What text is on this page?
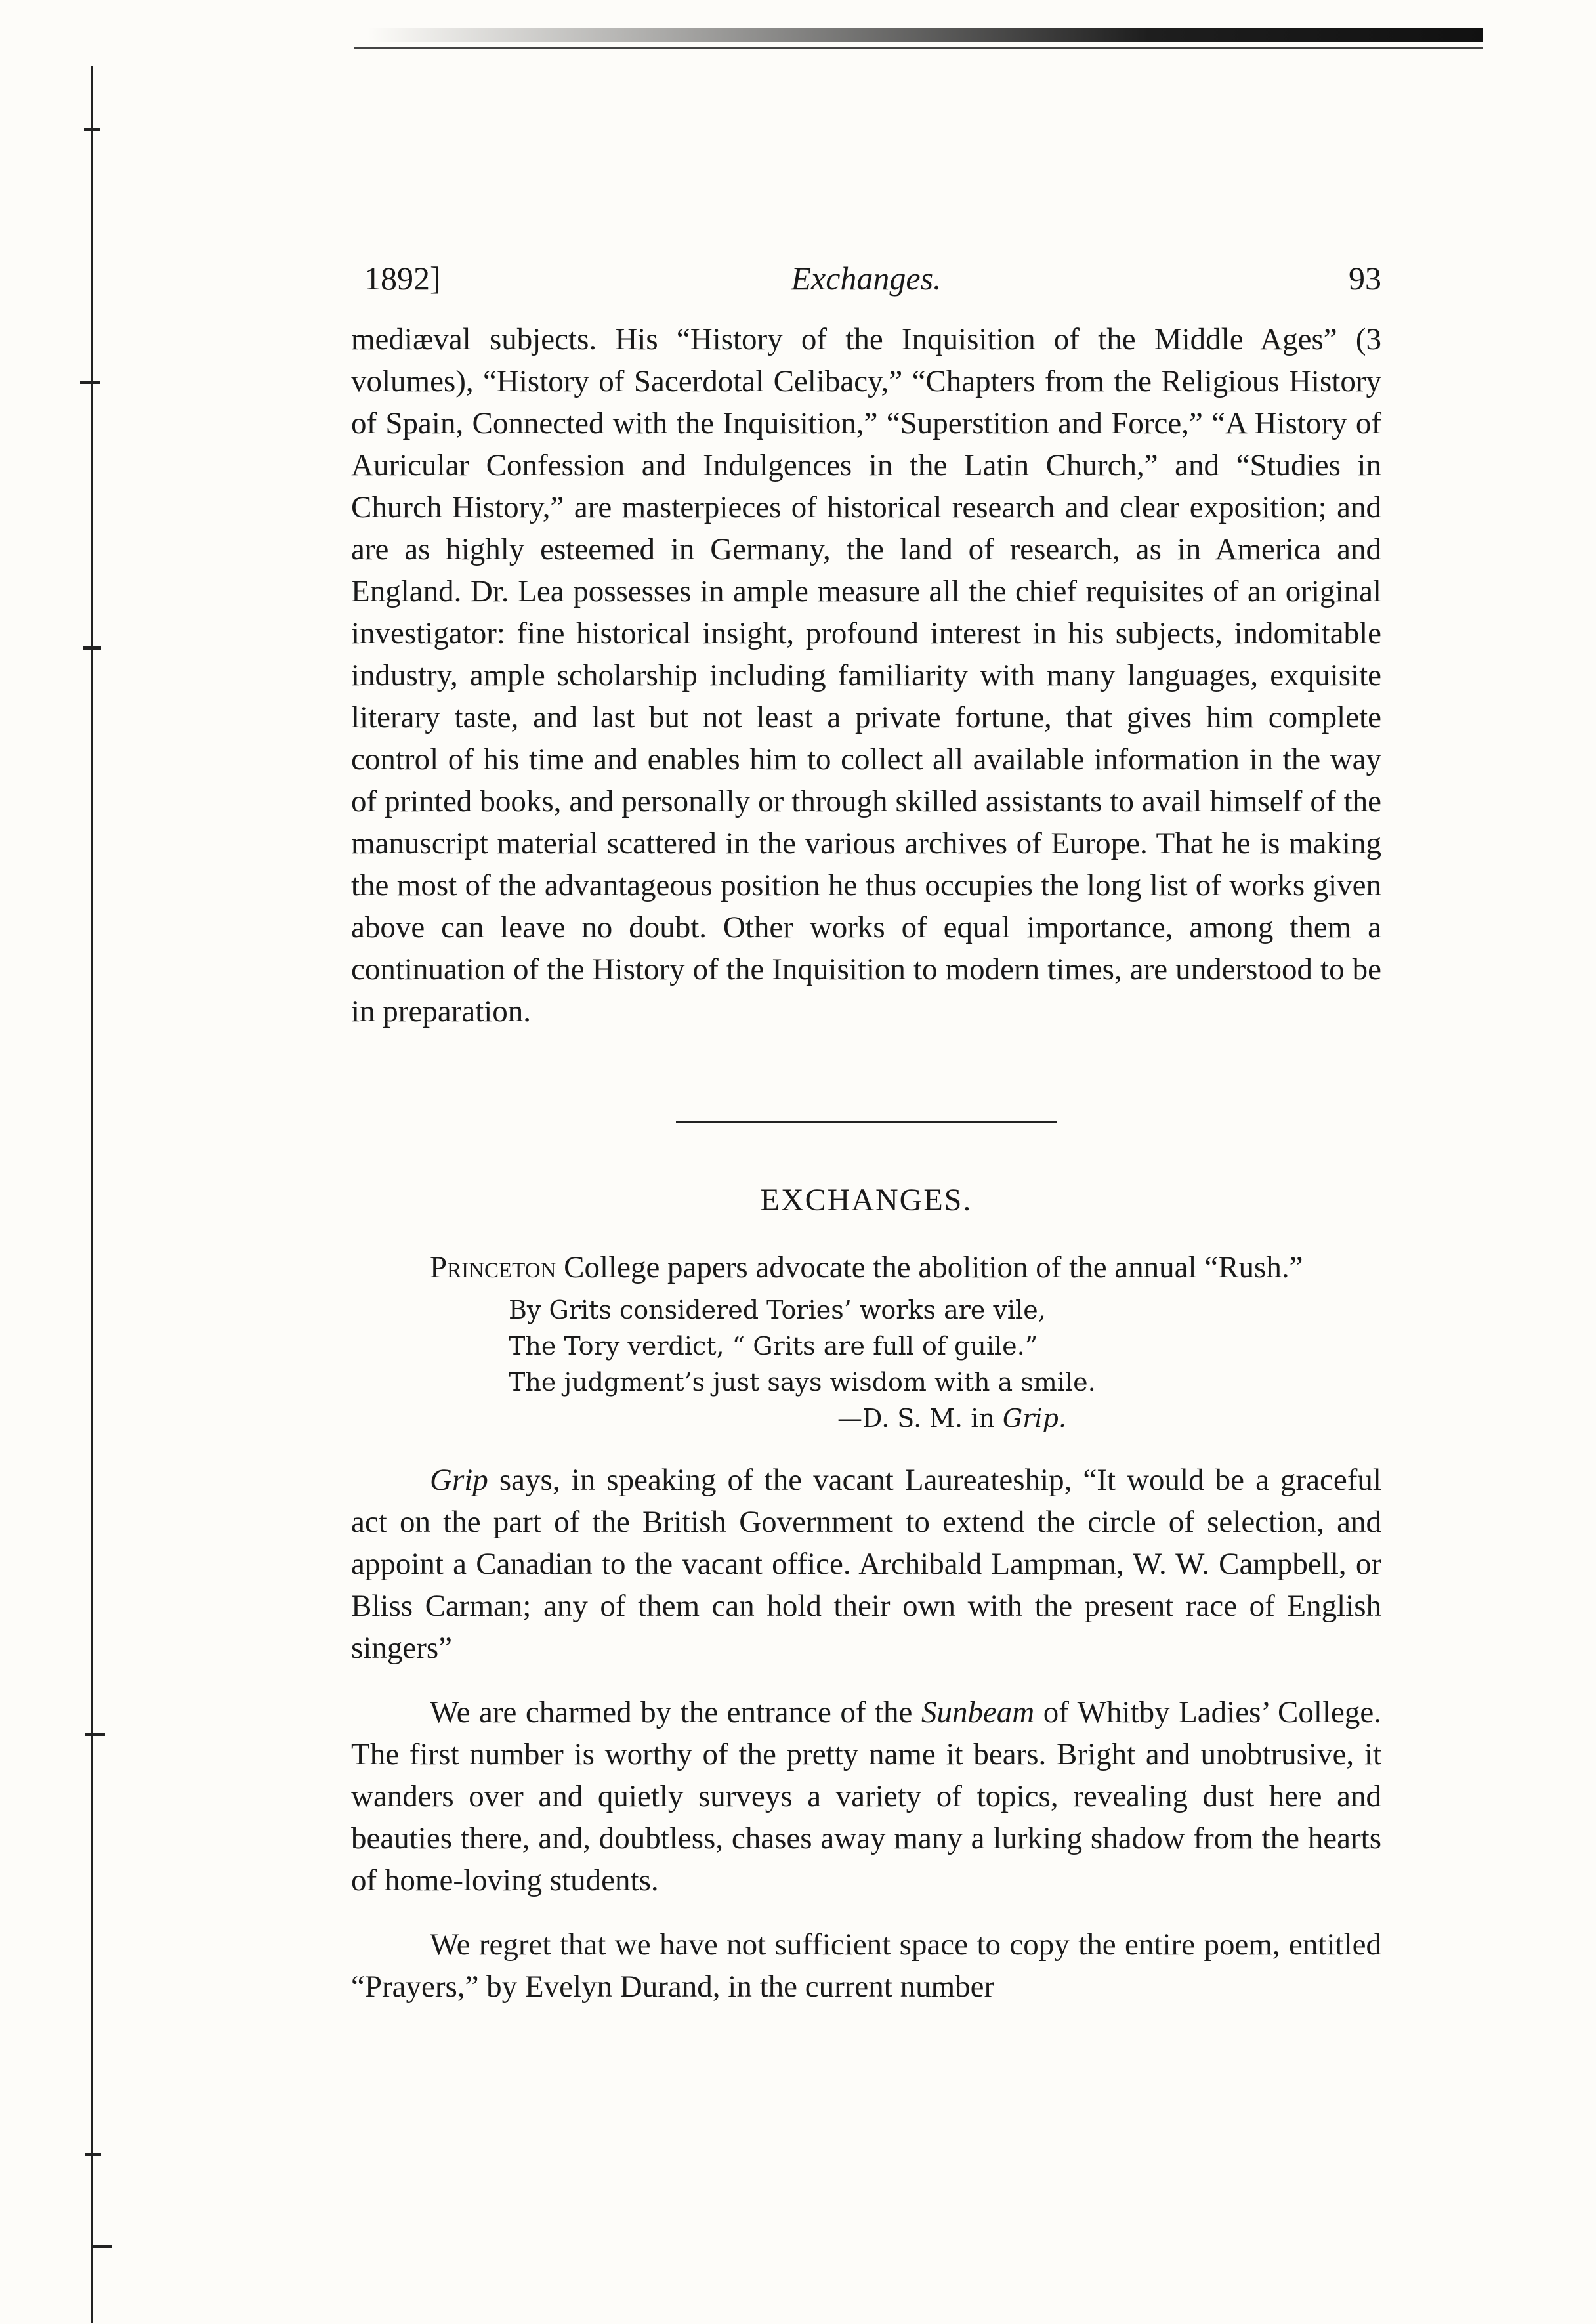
1892]	Exchanges.	93

mediæval subjects. His “History of the Inquisition of the Middle Ages” (3 volumes), “History of Sacerdotal Celibacy,” “Chapters from the Religious History of Spain, Connected with the Inquisition,” “Superstition and Force,” “A History of Auricular Confession and Indulgences in the Latin Church,” and “Studies in Church History,” are masterpieces of historical research and clear exposition; and are as highly esteemed in Germany, the land of research, as in America and England. Dr. Lea possesses in ample measure all the chief requisites of an original investigator: fine historical insight, profound interest in his subjects, indomitable industry, ample scholarship including familiarity with many languages, exquisite literary taste, and last but not least a private fortune, that gives him complete control of his time and enables him to collect all available information in the way of printed books, and personally or through skilled assistants to avail himself of the manuscript material scattered in the various archives of Europe. That he is making the most of the advantageous position he thus occupies the long list of works given above can leave no doubt. Other works of equal importance, among them a continuation of the History of the Inquisition to modern times, are understood to be in preparation.

EXCHANGES.

Princeton College papers advocate the abolition of the annual “Rush.”

By Grits considered Tories’ works are vile,
The Tory verdict, “ Grits are full of guile.”
The judgment’s just says wisdom with a smile.
—D. S. M. in Grip.

Grip says, in speaking of the vacant Laureateship, “It would be a graceful act on the part of the British Government to extend the circle of selection, and appoint a Canadian to the vacant office. Archibald Lampman, W. W. Campbell, or Bliss Carman; any of them can hold their own with the present race of English singers”

We are charmed by the entrance of the Sunbeam of Whitby Ladies’ College. The first number is worthy of the pretty name it bears. Bright and unobtrusive, it wanders over and quietly surveys a variety of topics, revealing dust here and beauties there, and, doubtless, chases away many a lurking shadow from the hearts of home-loving students.

We regret that we have not sufficient space to copy the entire poem, entitled “Prayers,” by Evelyn Durand, in the current number
